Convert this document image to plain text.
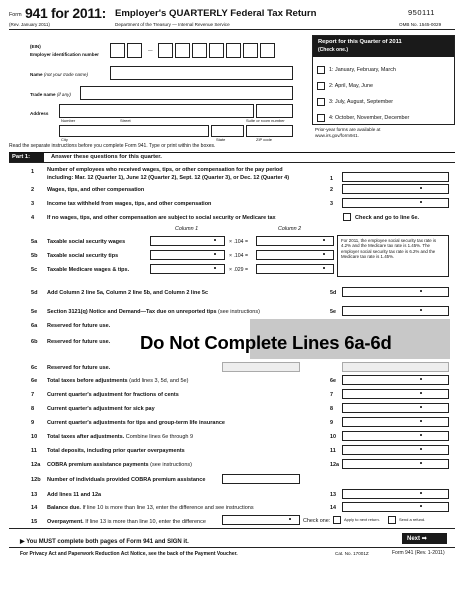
Form 941 for 2011: Employer's QUARTERLY Federal Tax Return
(Rev. January 2011)	Department of the Treasury — Internal Revenue Service
950111
OMB No. 1545-0029
(EIN)
Employer identification number
—
Name (not your trade name)
Trade name (if any)
Address
Number	Street	Suite or room number
City	State	ZIP code
Report for this Quarter of 2011
(Check one.)
1: January, February, March
2: April, May, June
3: July, August, September
4: October, November, December
Prior-year forms are available at
www.irs.gov/form941.
Read the separate instructions before you complete Form 941. Type or print within the boxes.
Part 1:	Answer these questions for this quarter.
1	Number of employees who received wages, tips, or other compensation for the pay period
including: Mar. 12 (Quarter 1), June 12 (Quarter 2), Sept. 12 (Quarter 3), or Dec. 12 (Quarter 4)	1
2	Wages, tips, and other compensation	2
3	Income tax withheld from wages, tips, and other compensation	3
4	If no wages, tips, and other compensation are subject to social security or Medicare tax	Check and go to line 6e.
Column 1	Column 2
5a	Taxable social security wages	× .104 =
5b	Taxable social security tips	× .104 =
5c	Taxable Medicare wages & tips.	× .029 =
For 2011, the employee social security tax rate is 4.2% and the Medicare tax rate is 1.45%. The employer social security tax rate is 6.2% and the Medicare tax rate is 1.45%.
5d	Add Column 2 line 5a, Column 2 line 5b, and Column 2 line 5c	5d
5e	Section 3121(q) Notice and Demand—Tax due on unreported tips (see instructions)	5e
6a	Reserved for future use.
6b	Reserved for future use.
6c	Reserved for future use.
Do Not Complete Lines 6a-6d
6e	Total taxes before adjustments (add lines 3, 5d, and 5e)	6e
7	Current quarter's adjustment for fractions of cents	7
8	Current quarter's adjustment for sick pay	8
9	Current quarter's adjustments for tips and group-term life insurance	9
10	Total taxes after adjustments. Combine lines 6e through 9	10
11	Total deposits, including prior quarter overpayments	11
12a	COBRA premium assistance payments (see instructions)	12a
12b	Number of individuals provided COBRA premium assistance
13	Add lines 11 and 12a	13
14	Balance due. If line 10 is more than line 13, enter the difference and see instructions	14
15	Overpayment. If line 13 is more than line 10, enter the difference	Check one:	Apply to next return.	Send a refund.
▶ You MUST complete both pages of Form 941 and SIGN it.	Next ➡
For Privacy Act and Paperwork Reduction Act Notice, see the back of the Payment Voucher.	Cat. No. 17001Z	Form 941 (Rev. 1-2011)
